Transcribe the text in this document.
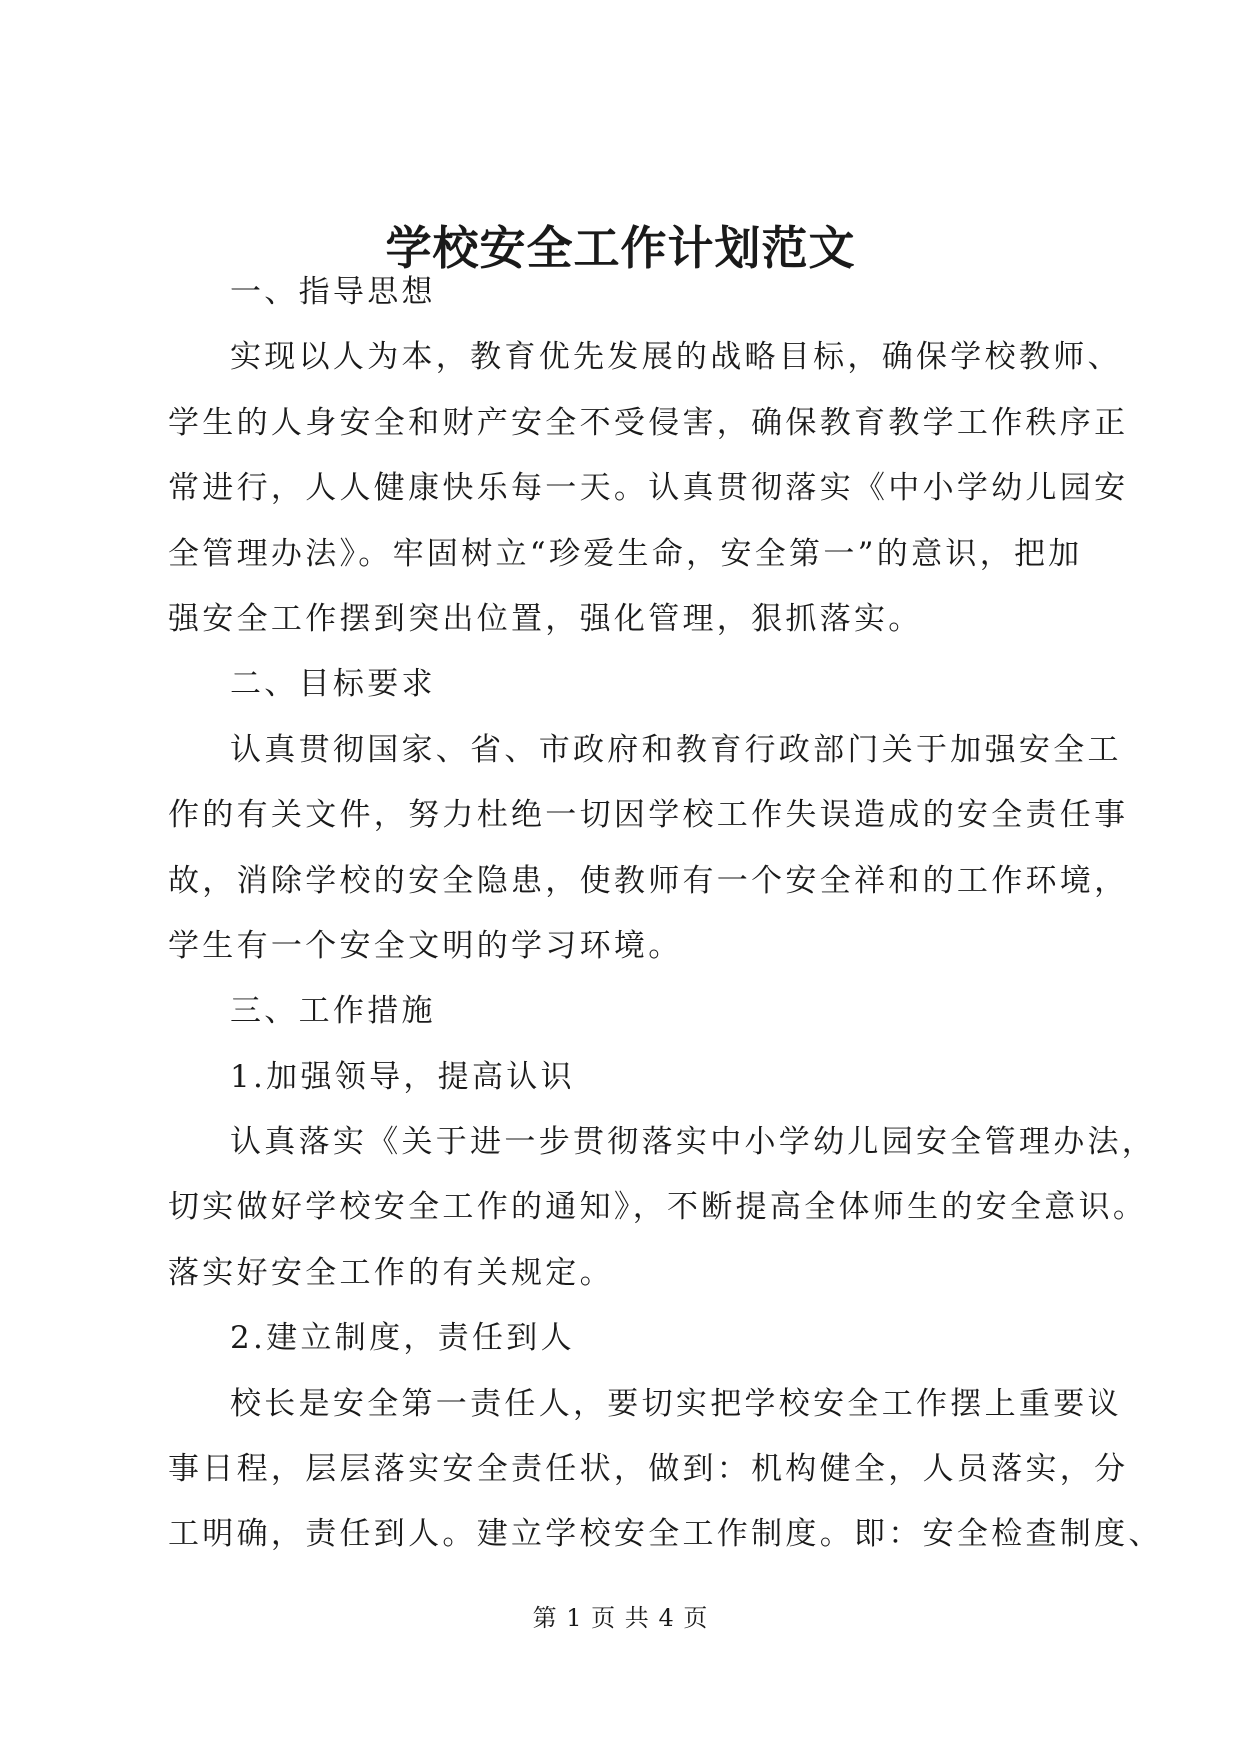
学校安全工作计划范文
一、指导思想
实现以人为本，教育优先发展的战略目标，确保学校教师、
学生的人身安全和财产安全不受侵害，确保教育教学工作秩序正
常进行，人人健康快乐每一天。认真贯彻落实《中小学幼儿园安
全管理办法》。牢固树立“珍爱生命，安全第一”的意识，把加
强安全工作摆到突出位置，强化管理，狠抓落实。
二、目标要求
认真贯彻国家、省、市政府和教育行政部门关于加强安全工
作的有关文件，努力杜绝一切因学校工作失误造成的安全责任事
故，消除学校的安全隐患，使教师有一个安全祥和的工作环境，
学生有一个安全文明的学习环境。
三、工作措施
1.加强领导，提高认识
认真落实《关于进一步贯彻落实中小学幼儿园安全管理办法，
切实做好学校安全工作的通知》，不断提高全体师生的安全意识。
落实好安全工作的有关规定。
2.建立制度，责任到人
校长是安全第一责任人，要切实把学校安全工作摆上重要议
事日程，层层落实安全责任状，做到：机构健全，人员落实，分
工明确，责任到人。建立学校安全工作制度。即：安全检查制度、
第 1 页 共 4 页
